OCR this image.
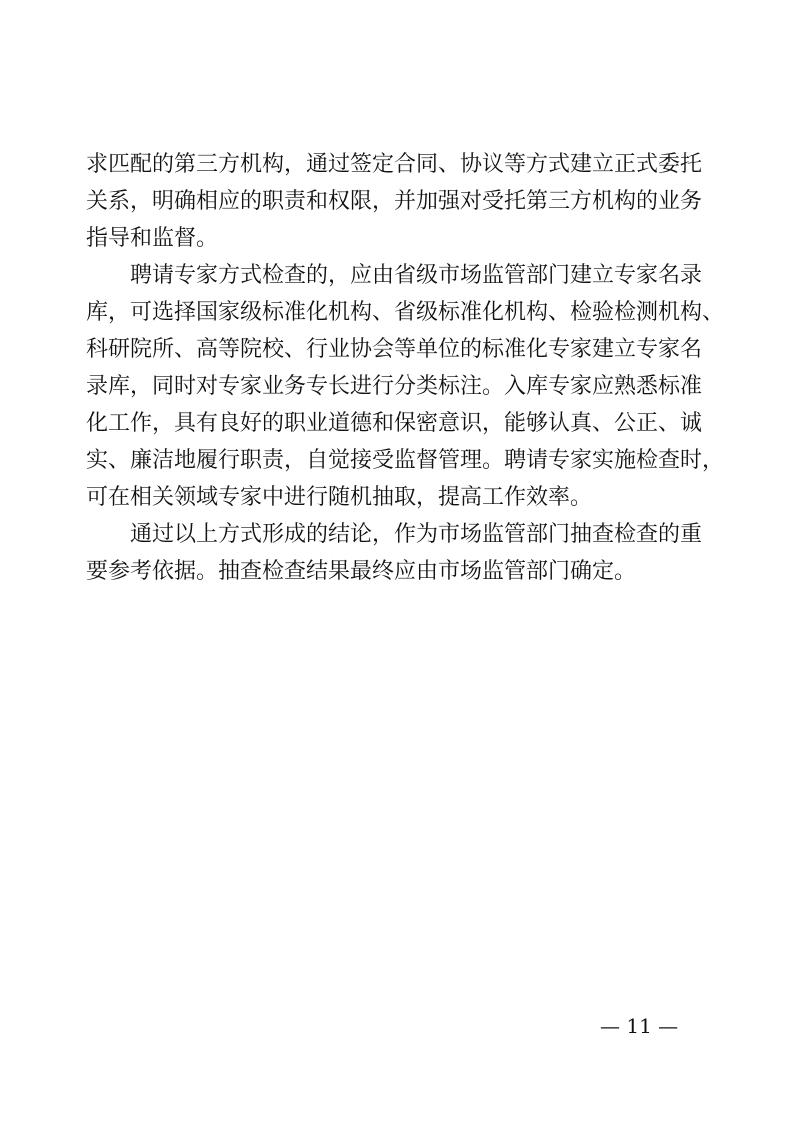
求匹配的第三方机构，通过签定合同、协议等方式建立正式委托
关系，明确相应的职责和权限，并加强对受托第三方机构的业务
指导和监督。
聘请专家方式检查的，应由省级市场监管部门建立专家名录
库，可选择国家级标准化机构、省级标准化机构、检验检测机构、
科研院所、高等院校、行业协会等单位的标准化专家建立专家名
录库，同时对专家业务专长进行分类标注。入库专家应熟悉标准
化工作，具有良好的职业道德和保密意识，能够认真、公正、诚
实、廉洁地履行职责，自觉接受监督管理。聘请专家实施检查时，
可在相关领域专家中进行随机抽取，提高工作效率。
通过以上方式形成的结论，作为市场监管部门抽查检查的重
要参考依据。抽查检查结果最终应由市场监管部门确定。
— 11 —
